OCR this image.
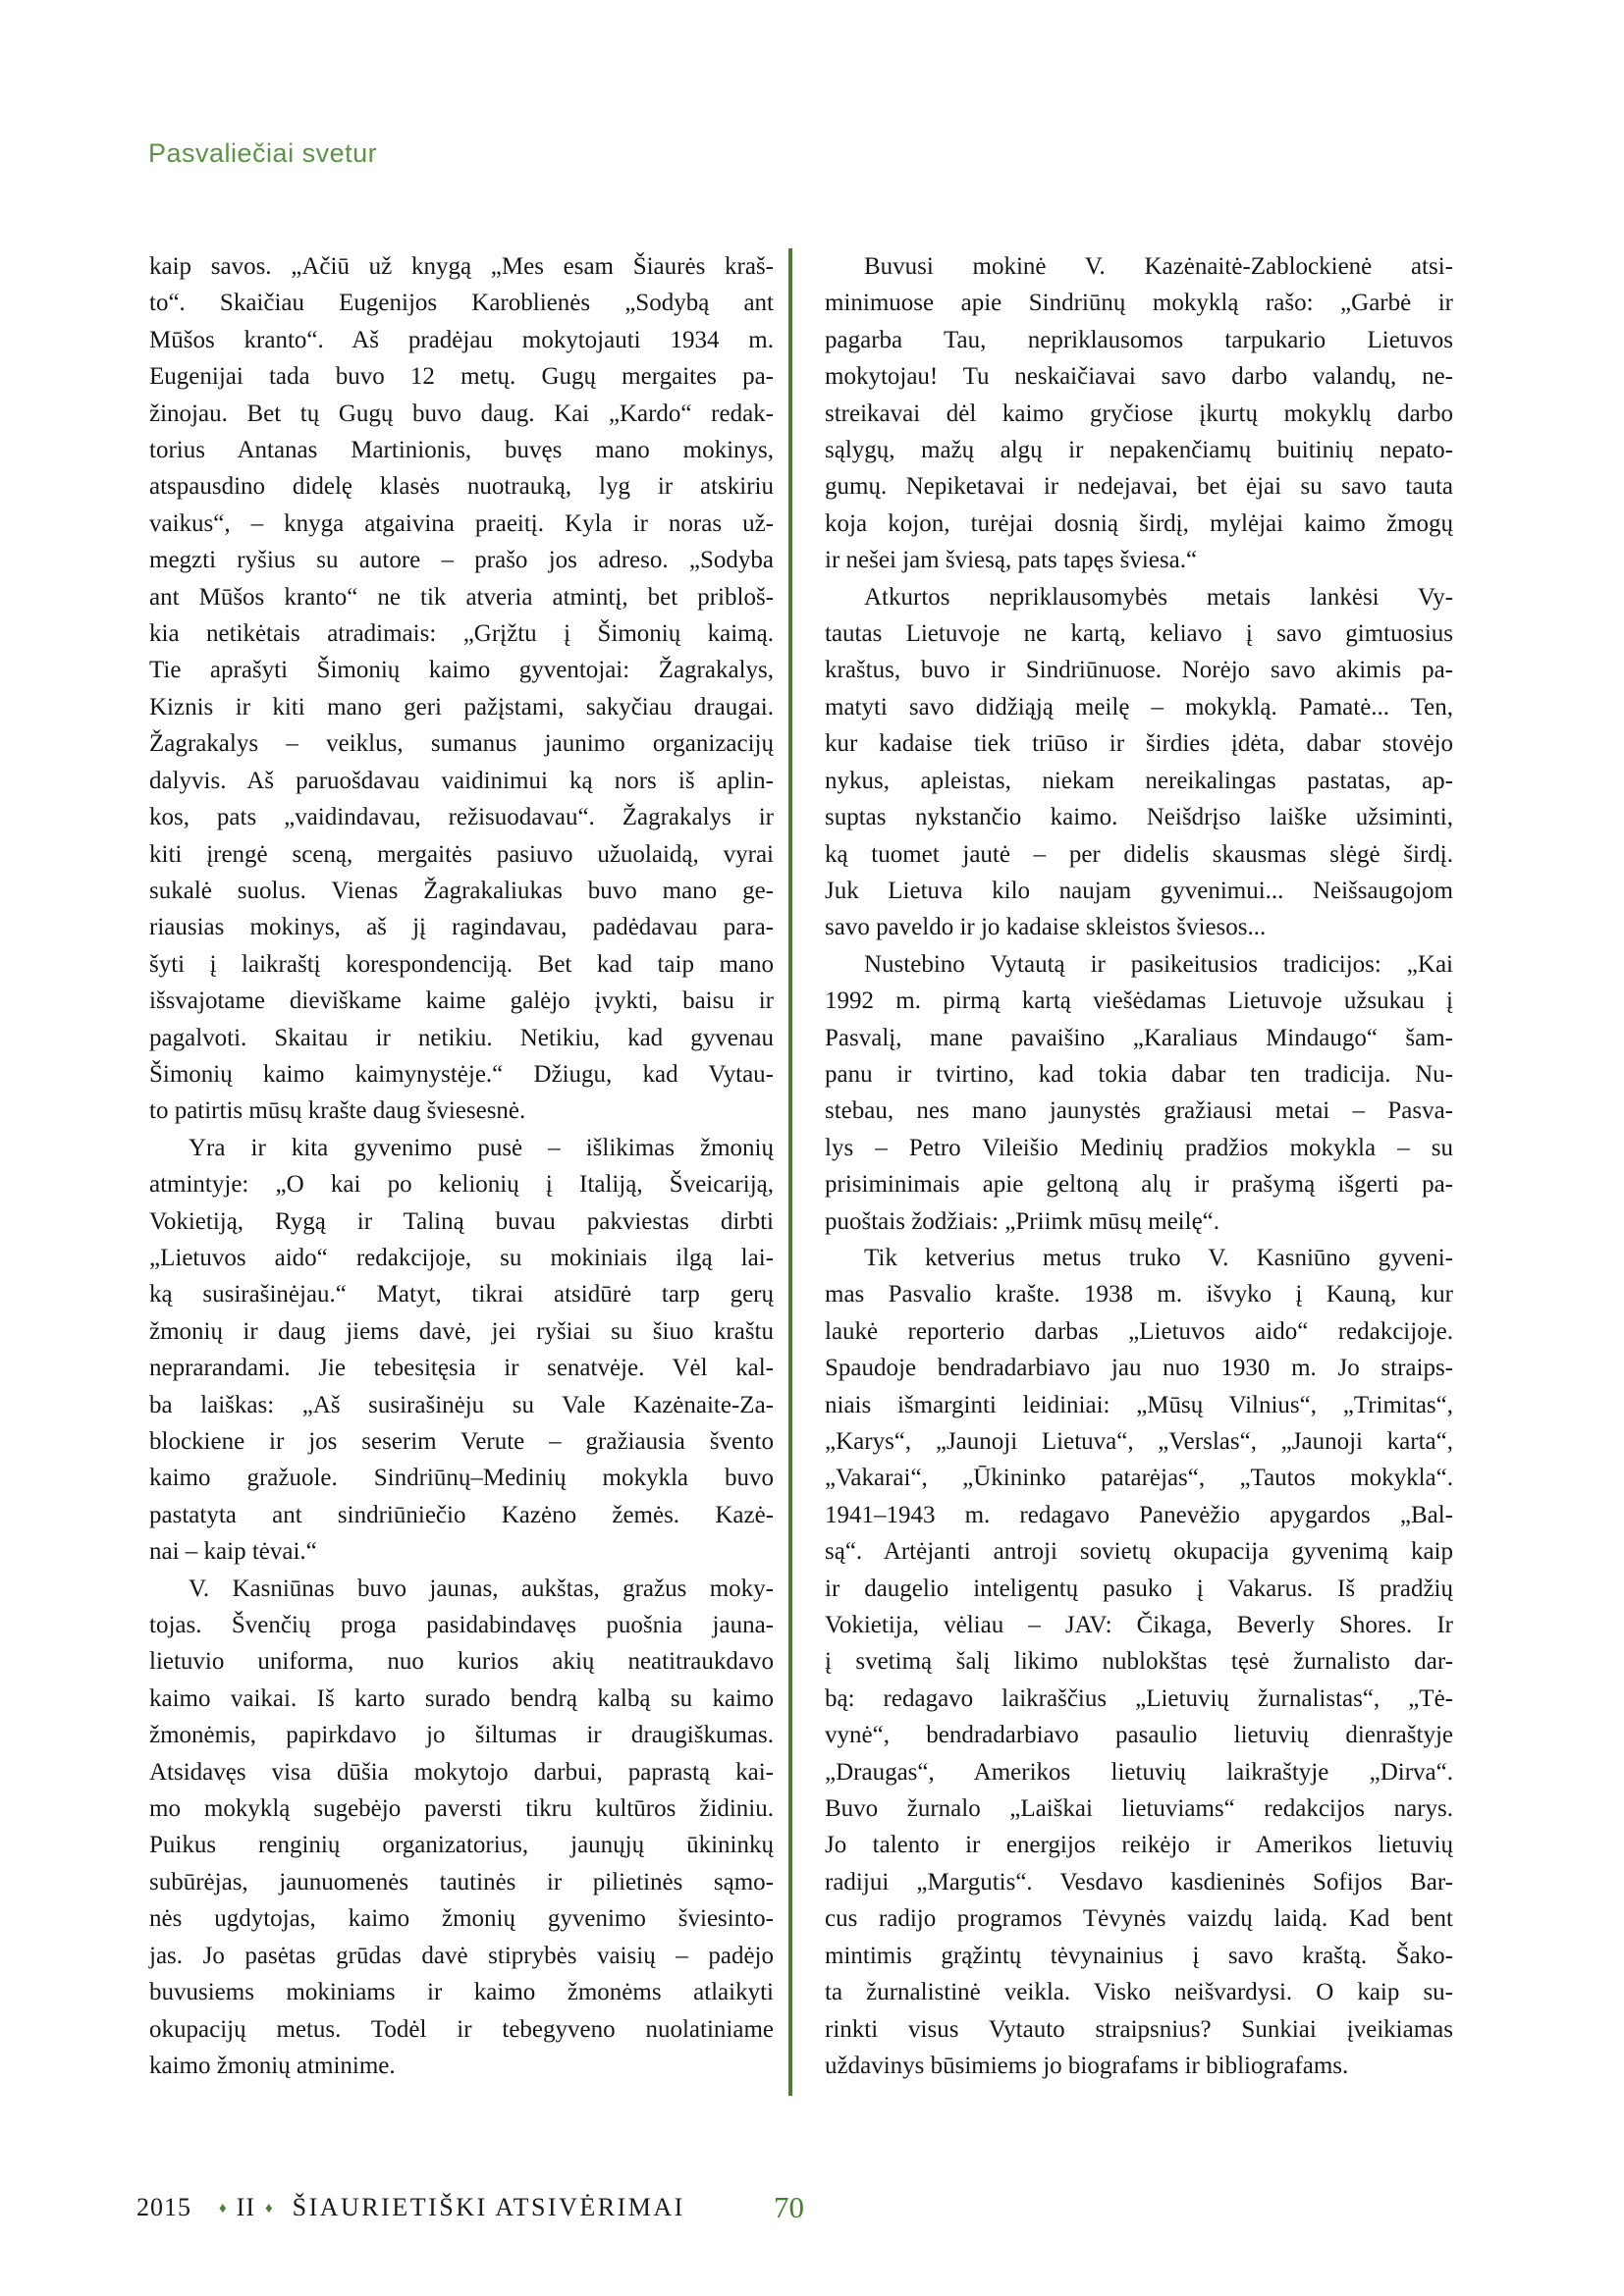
Pasvaliečiai svetur
kaip savos. „Ačiū už knygą „Mes esam Šiaurės kraš-
to“. Skaičiau Eugenijos Karoblienės „Sodybą ant
Mūšos kranto“. Aš pradėjau mokytojauti 1934 m.
Eugenijai tada buvo 12 metų. Gugų mergaites pa-
žinojau. Bet tų Gugų buvo daug. Kai „Kardo“ redak-
torius Antanas Martinionis, buvęs mano mokinys,
atspausdino didelę klasės nuotrauką, lyg ir atskiriu
vaikus“, – knyga atgaivina praeitį. Kyla ir noras už-
megzti ryšius su autore – prašo jos adreso. „Sodyba
ant Mūšos kranto“ ne tik atveria atmintį, bet pribloš-
kia netikėtais atradimais: „Grįžtu į Šimonių kaimą.
Tie aprašyti Šimonių kaimo gyventojai: Žagrakalys,
Kiznis ir kiti mano geri pažįstami, sakyčiau draugai.
Žagrakalys – veiklus, sumanus jaunimo organizacijų
dalyvis. Aš paruošdavau vaidinimui ką nors iš aplin-
kos, pats „vaidindavau, režisuodavau“. Žagrakalys ir
kiti įrengė sceną, mergaitės pasiuvo užuolaidą, vyrai
sukalė suolus. Vienas Žagrakaliukas buvo mano ge-
riausias mokinys, aš jį ragindavau, padėdavau para-
šyti į laikraštį korespondenciją. Bet kad taip mano
išsvajotame dieviškame kaime galėjo įvykti, baisu ir
pagalvoti. Skaitau ir netikiu. Netikiu, kad gyvenau
Šimonių kaimo kaimynystėje.“ Džiugu, kad Vytau-
to patirtis mūsų krašte daug šviesesnė.
Yra ir kita gyvenimo pusė – išlikimas žmonių
atmintyje: „O kai po kelionių į Italiją, Šveicariją,
Vokietiją, Rygą ir Taliną buvau pakviestas dirbti
„Lietuvos aido“ redakcijoje, su mokiniais ilgą lai-
ką susirašinėjau.“ Matyt, tikrai atsidūrė tarp gerų
žmonių ir daug jiems davė, jei ryšiai su šiuo kraštu
neprarandami. Jie tebesitęsia ir senatvėje. Vėl kal-
ba laiškas: „Aš susirašinėju su Vale Kazėnaite-Za-
blockiene ir jos seserim Verute – gražiausia švento
kaimo gražuole. Sindriūnų–Medinių mokykla buvo
pastatyta ant sindriūniečio Kazėno žemės. Kazė-
nai – kaip tėvai.“
V. Kasniūnas buvo jaunas, aukštas, gražus moky-
tojas. Švenčių proga pasidabindavęs puošnia jauna-
lietuvio uniforma, nuo kurios akių neatitraukdavo
kaimo vaikai. Iš karto surado bendrą kalbą su kaimo
žmonėmis, papirkdavo jo šiltumas ir draugiškumas.
Atsidavęs visa dūšia mokytojo darbui, paprastą kai-
mo mokyklą sugebėjo paversti tikru kultūros židiniu.
Puikus renginių organizatorius, jaunųjų ūkininkų
subūrėjas, jaunuomenės tautinės ir pilietinės sąmo-
nės ugdytojas, kaimo žmonių gyvenimo šviesinto-
jas. Jo pasėtas grūdas davė stiprybės vaisių – padėjo
buvusiems mokiniams ir kaimo žmonėms atlaikyti
okupacijų metus. Todėl ir tebegyveno nuolatiniame
kaimo žmonių atminime.
Buvusi mokinė V. Kazėnaitė-Zablockienė atsi-
minimuose apie Sindriūnų mokyklą rašo: „Garbė ir
pagarba Tau, nepriklausomos tarpukario Lietuvos
mokytojau! Tu neskaičiavai savo darbo valandų, ne-
streikavai dėl kaimo gryčiose įkurtų mokyklų darbo
sąlygų, mažų algų ir nepakenčiamų buitinių nepato-
gumų. Nepiketavai ir nedejavai, bet ėjai su savo tauta
koja kojon, turėjai dosnią širdį, mylėjai kaimo žmogų
ir nešei jam šviesą, pats tapęs šviesa.“
Atkurtos nepriklausomybės metais lankėsi Vy-
tautas Lietuvoje ne kartą, keliavo į savo gimtuosius
kraštus, buvo ir Sindriūnuose. Norėjo savo akimis pa-
matyti savo didžiąją meilę – mokyklą. Pamatė... Ten,
kur kadaise tiek triūso ir širdies įdėta, dabar stovėjo
nykus, apleistas, niekam nereikalingas pastatas, ap-
suptas nykstančio kaimo. Neišdrįso laiške užsiminti,
ką tuomet jautė – per didelis skausmas slėgė širdį.
Juk Lietuva kilo naujam gyvenimui... Neišsaugojom
savo paveldo ir jo kadaise skleistos šviesos...
Nustebino Vytautą ir pasikeitusios tradicijos: „Kai
1992 m. pirmą kartą viešėdamas Lietuvoje užsukau į
Pasvalį, mane pavaišino „Karaliaus Mindaugo“ šam-
panu ir tvirtino, kad tokia dabar ten tradicija. Nu-
stebau, nes mano jaunystės gražiausi metai – Pasva-
lys – Petro Vileišio Medinių pradžios mokykla – su
prisiminimais apie geltoną alų ir prašymą išgerti pa-
puoštais žodžiais: „Priimk mūsų meilę“.
Tik ketverius metus truko V. Kasniūno gyveni-
mas Pasvalio krašte. 1938 m. išvyko į Kauną, kur
laukė reporterio darbas „Lietuvos aido“ redakcijoje.
Spaudoje bendradarbiavo jau nuo 1930 m. Jo straips-
niais išmarginti leidiniai: „Mūsų Vilnius“, „Trimitas“,
„Karys“, „Jaunoji Lietuva“, „Verslas“, „Jaunoji karta“,
„Vakarai“, „Ūkininko patarėjas“, „Tautos mokykla“.
1941–1943 m. redagavo Panevėžio apygardos „Bal-
są“. Artėjanti antroji sovietų okupacija gyvenimą kaip
ir daugelio inteligentų pasuko į Vakarus. Iš pradžių
Vokietija, vėliau – JAV: Čikaga, Beverly Shores. Ir
į svetimą šalį likimo nublokštas tęsė žurnalisto dar-
bą: redagavo laikraščius „Lietuvių žurnalistas“, „Tė-
vynė“, bendradarbiavo pasaulio lietuvių dienraštyje
„Draugas“, Amerikos lietuvių laikraštyje „Dirva“.
Buvo žurnalo „Laiškai lietuviams“ redakcijos narys.
Jo talento ir energijos reikėjo ir Amerikos lietuvių
radijui „Margutis“. Vesdavo kasdieninės Sofijos Bar-
cus radijo programos Tėvynės vaizdų laidą. Kad bent
mintimis grąžintų tėvynainius į savo kraštą. Šako-
ta žurnalistinė veikla. Visko neišvardysi. O kaip su-
rinkti visus Vytauto straipsnius? Sunkiai įveikiamas
uždavinys būsimiems jo biografams ir bibliografams.
2015 ♦ II ♦ ŠIAURIETIŠKI ATSIVĖRIMAI	70
